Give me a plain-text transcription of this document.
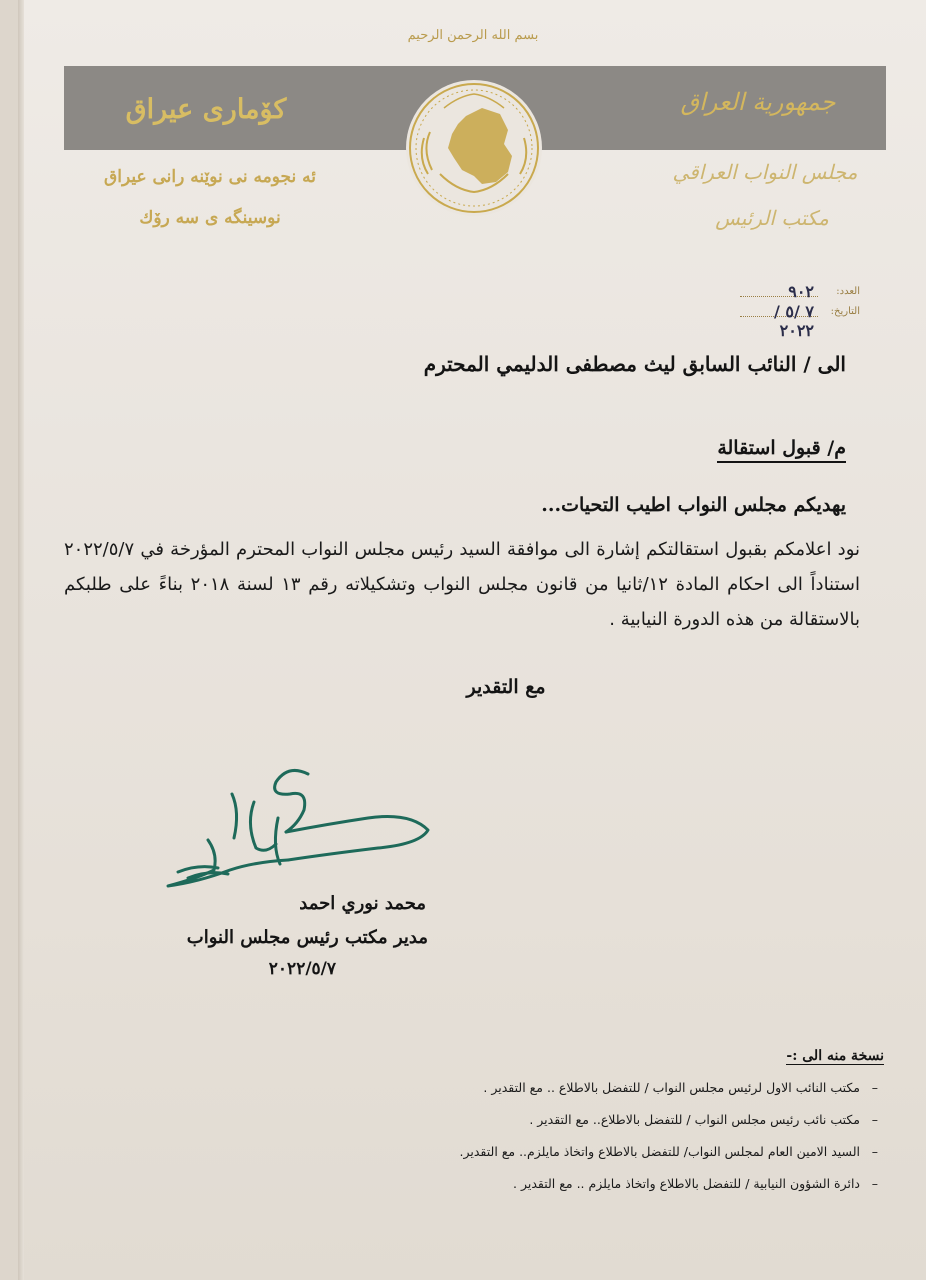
بسم الله الرحمن الرحيم
كۆماری عیراق	جمهورية العراق
ئه نجومه نی نوێنه رانی عیراق
نوسینگه ی سه رۆك
مجلس النواب العراقي
مكتب الرئيس
العدد:
٩٠٢
التاريخ:
٧ /٥ /٢٠٢٢
الى / النائب السابق ليث مصطفى الدليمي المحترم
م/ قبول استقالة
يهديكم مجلس النواب اطيب التحيات...
نود اعلامكم بقبول استقالتكم إشارة الى موافقة السيد رئيس مجلس النواب المحترم المؤرخة في ٢٠٢٢/٥/٧ استناداً الى احكام المادة ١٢/ثانيا من قانون مجلس النواب وتشكيلاته رقم ١٣ لسنة ٢٠١٨ بناءً على طلبكم بالاستقالة من هذه الدورة النيابية .
مع التقدير
محمد نوري احمد
مدير مكتب رئيس مجلس النواب
٢٠٢٢/٥/٧
نسخة منه الى :-
–
مكتب النائب الاول لرئيس مجلس النواب / للتفضل بالاطلاع .. مع التقدير .
–
مكتب نائب رئيس مجلس النواب / للتفضل بالاطلاع.. مع التقدير .
–
السيد الامين العام لمجلس النواب/ للتفضل بالاطلاع واتخاذ مايلزم.. مع التقدير.
–
دائرة الشؤون النيابية / للتفضل بالاطلاع واتخاذ مايلزم .. مع التقدير .
